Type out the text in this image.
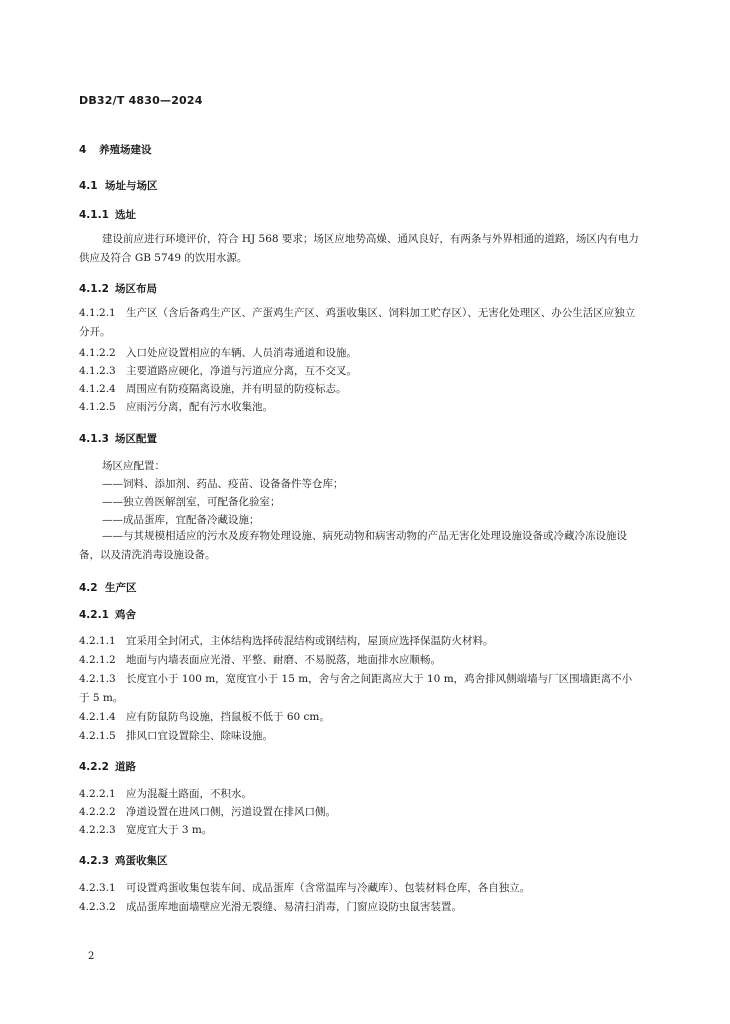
DB32/T 4830—2024
4 养殖场建设
4.1 场址与场区
4.1.1 选址
建设前应进行环境评价，符合 HJ 568 要求；场区应地势高燥、通风良好，有两条与外界相通的道路，场区内有电力供应及符合 GB 5749 的饮用水源。
4.1.2 场区布局
4.1.2.1 生产区（含后备鸡生产区、产蛋鸡生产区、鸡蛋收集区、饲料加工贮存区）、无害化处理区、办公生活区应独立分开。
4.1.2.2 入口处应设置相应的车辆、人员消毒通道和设施。
4.1.2.3 主要道路应硬化，净道与污道应分离，互不交叉。
4.1.2.4 周围应有防疫隔离设施，并有明显的防疫标志。
4.1.2.5 应雨污分离，配有污水收集池。
4.1.3 场区配置
场区应配置：
——饲料、添加剂、药品、疫苗、设备备件等仓库；
——独立兽医解剖室，可配备化验室；
——成品蛋库，宜配备冷藏设施；
——与其规模相适应的污水及废弃物处理设施、病死动物和病害动物的产品无害化处理设施设备或冷藏冷冻设施设备，以及清洗消毒设施设备。
4.2 生产区
4.2.1 鸡舍
4.2.1.1 宜采用全封闭式，主体结构选择砖混结构或钢结构，屋顶应选择保温防火材料。
4.2.1.2 地面与内墙表面应光滑、平整、耐磨、不易脱落，地面排水应顺畅。
4.2.1.3 长度宜小于 100 m，宽度宜小于 15 m，舍与舍之间距离应大于 10 m，鸡舍排风侧端墙与厂区围墙距离不小于 5 m。
4.2.1.4 应有防鼠防鸟设施，挡鼠板不低于 60 cm。
4.2.1.5 排风口宜设置除尘、除味设施。
4.2.2 道路
4.2.2.1 应为混凝土路面，不积水。
4.2.2.2 净道设置在进风口侧，污道设置在排风口侧。
4.2.2.3 宽度宜大于 3 m。
4.2.3 鸡蛋收集区
4.2.3.1 可设置鸡蛋收集包装车间、成品蛋库（含常温库与冷藏库）、包装材料仓库，各自独立。
4.2.3.2 成品蛋库地面墙壁应光滑无裂缝、易清扫消毒，门窗应设防虫鼠害装置。
2
